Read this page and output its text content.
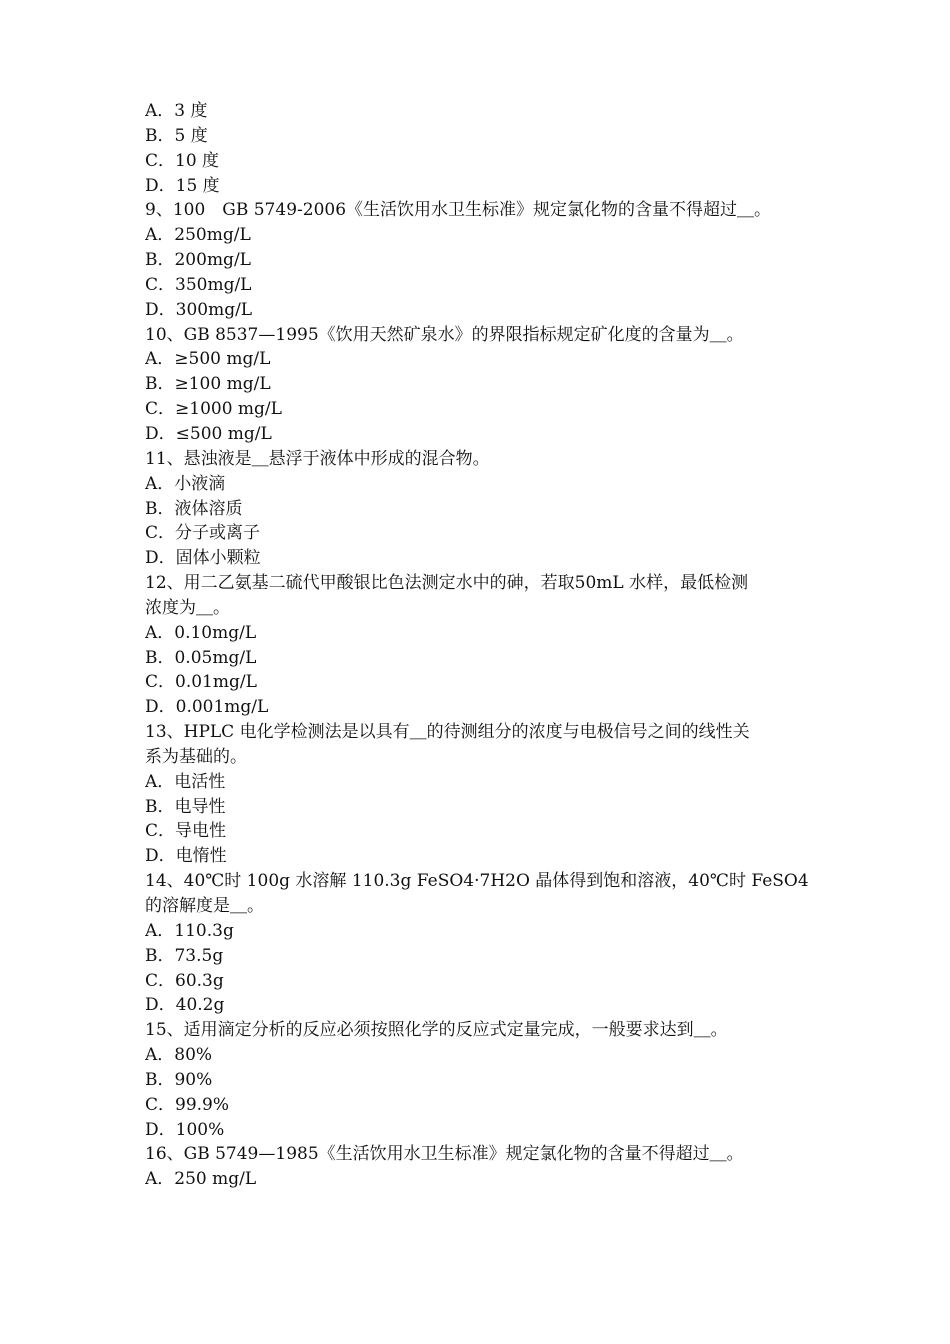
A．3 度
B．5 度
C．10 度
D．15 度
9、100　GB 5749-2006《生活饮用水卫生标准》规定氯化物的含量不得超过＿。
A．250mg/L
B．200mg/L
C．350mg/L
D．300mg/L
10、GB 8537—1995《饮用天然矿泉水》的界限指标规定矿化度的含量为＿。
A．≥500 mg/L
B．≥100 mg/L
C．≥1000 mg/L
D．≤500 mg/L
11、悬浊液是＿悬浮于液体中形成的混合物。
A．小液滴
B．液体溶质
C．分子或离子
D．固体小颗粒
12、用二乙氨基二硫代甲酸银比色法测定水中的砷，若取50mL 水样，最低检测
浓度为＿。
A．0.10mg/L
B．0.05mg/L
C．0.01mg/L
D．0.001mg/L
13、HPLC 电化学检测法是以具有＿的待测组分的浓度与电极信号之间的线性关
系为基础的。
A．电活性
B．电导性
C．导电性
D．电惰性
14、40℃时 100g 水溶解 110.3g FeSO4·7H2O 晶体得到饱和溶液，40℃时 FeSO4
的溶解度是＿。
A．110.3g
B．73.5g
C．60.3g
D．40.2g
15、适用滴定分析的反应必须按照化学的反应式定量完成，一般要求达到＿。
A．80%
B．90%
C．99.9%
D．100%
16、GB 5749—1985《生活饮用水卫生标准》规定氯化物的含量不得超过＿。
A．250 mg/L
